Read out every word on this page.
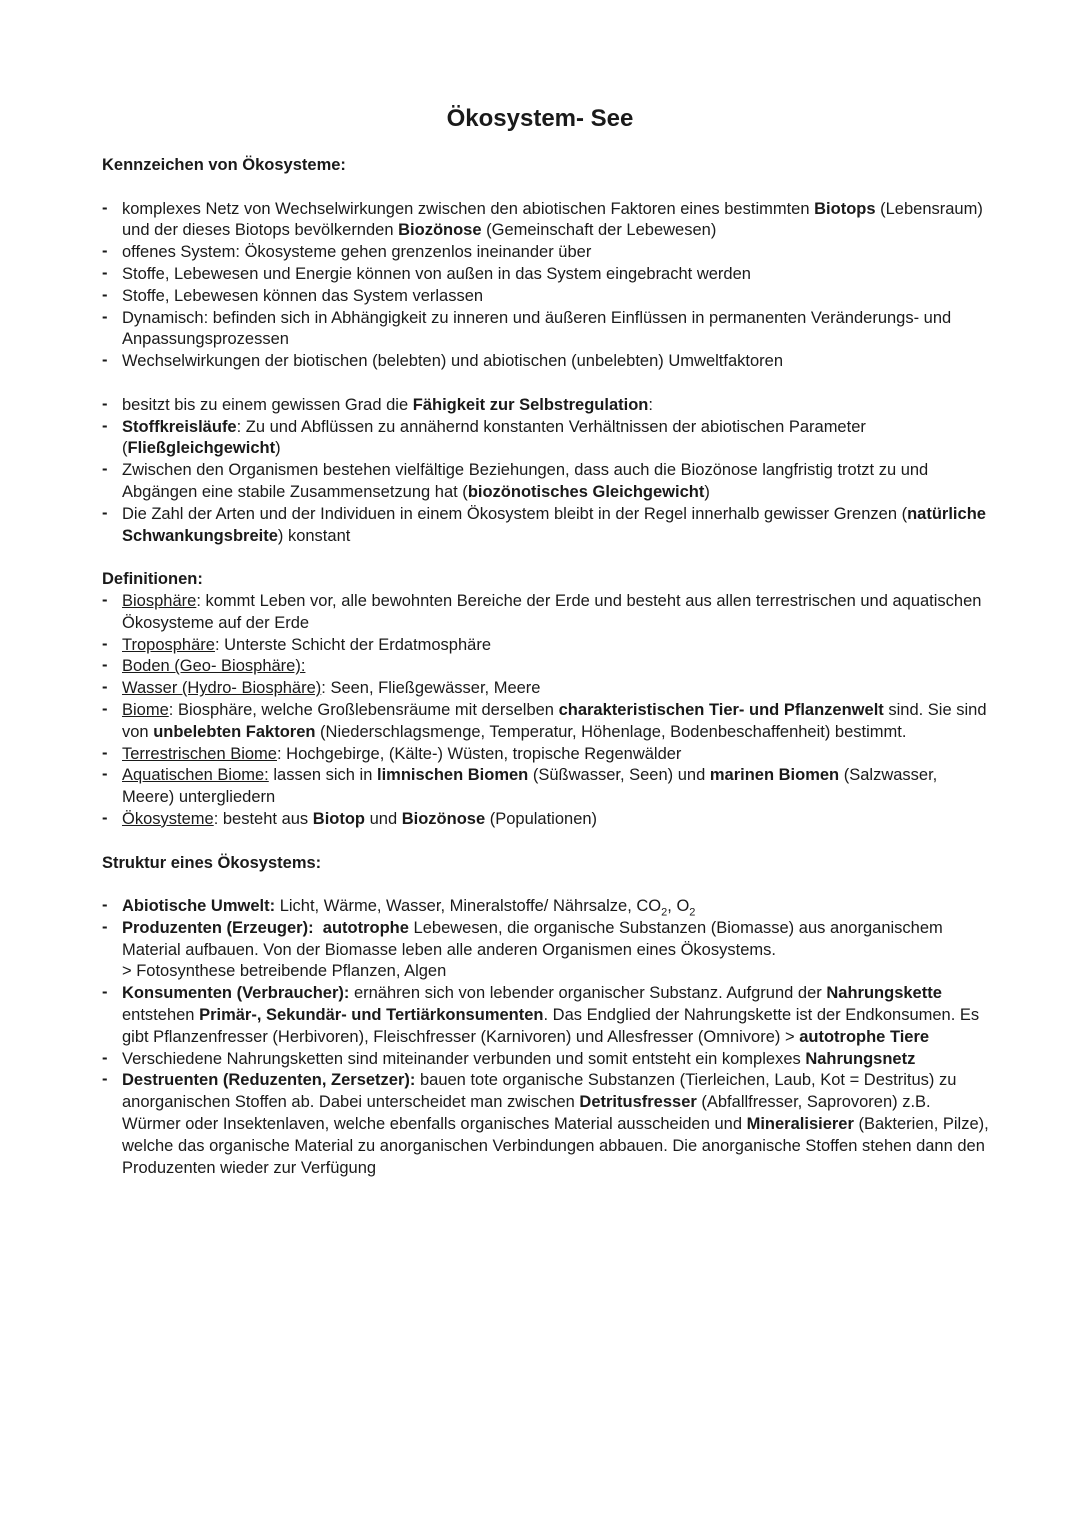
Ökosystem- See

Kennzeichen von Ökosysteme:

- komplexes Netz von Wechselwirkungen zwischen den abiotischen Faktoren eines bestimmten Biotops (Lebensraum) und der dieses Biotops bevölkernden Biozönose (Gemeinschaft der Lebewesen)
- offenes System: Ökosysteme gehen grenzenlos ineinander über
- Stoffe, Lebewesen und Energie können von außen in das System eingebracht werden
- Stoffe, Lebewesen können das System verlassen
- Dynamisch: befinden sich in Abhängigkeit zu inneren und äußeren Einflüssen in permanenten Veränderungs- und Anpassungsprozessen
- Wechselwirkungen der biotischen (belebten) und abiotischen (unbelebten) Umweltfaktoren
- besitzt bis zu einem gewissen Grad die Fähigkeit zur Selbstregulation:
- Stoffkreisläufe: Zu und Abflüssen zu annähernd konstanten Verhältnissen der abiotischen Parameter (Fließgleichgewicht)
- Zwischen den Organismen bestehen vielfältige Beziehungen, dass auch die Biozönose langfristig trotzt zu und Abgängen eine stabile Zusammensetzung hat (biozönotisches Gleichgewicht)
- Die Zahl der Arten und der Individuen in einem Ökosystem bleibt in der Regel innerhalb gewisser Grenzen (natürliche Schwankungsbreite) konstant

Definitionen:

- Biosphäre: kommt Leben vor, alle bewohnten Bereiche der Erde und besteht aus allen terrestrischen und aquatischen Ökosysteme auf der Erde
- Troposphäre: Unterste Schicht der Erdatmosphäre
- Boden (Geo- Biosphäre):
- Wasser (Hydro- Biosphäre): Seen, Fließgewässer, Meere
- Biome: Biosphäre, welche Großlebensräume mit derselben charakteristischen Tier- und Pflanzenwelt sind. Sie sind von unbelebten Faktoren (Niederschlagsmenge, Temperatur, Höhenlage, Bodenbeschaffenheit) bestimmt.
- Terrestrischen Biome: Hochgebirge, (Kälte-) Wüsten, tropische Regenwälder
- Aquatischen Biome: lassen sich in limnischen Biomen (Süßwasser, Seen) und marinen Biomen (Salzwasser, Meere) untergliedern
- Ökosysteme: besteht aus Biotop und Biozönose (Populationen)

Struktur eines Ökosystems:

- Abiotische Umwelt: Licht, Wärme, Wasser, Mineralstoffe/ Nährsalze, $CO_2$, $O_2$
- Produzenten (Erzeuger): autotrophe Lebewesen, die organische Substanzen (Biomasse) aus anorganischem Material aufbauen. Von der Biomasse leben alle anderen Organismen eines Ökosystems.
> Fotosynthese betreibende Pflanzen, Algen
- Konsumenten (Verbraucher): ernähren sich von lebender organischer Substanz. Aufgrund der Nahrungskette entstehen Primär-, Sekundär- und Tertiärkonsumenten. Das Endglied der Nahrungskette ist der Endkonsumen. Es gibt Pflanzenfresser (Herbivoren), Fleischfresser (Karnivoren) und Allesfresser (Omnivore) > autotrophe Tiere
- Verschiedene Nahrungsketten sind miteinander verbunden und somit entsteht ein komplexes Nahrungsnetz
- Destruenten (Reduzenten, Zersetzer): bauen tote organische Substanzen (Tierleichen, Laub, Kot = Destritus) zu anorganischen Stoffen ab. Dabei unterscheidet man zwischen Detritusfresser (Abfallfresser, Saprovoren) z.B. Würmer oder Insektenlaven, welche ebenfalls organisches Material ausscheiden und Mineralisierer (Bakterien, Pilze), welche das organische Material zu anorganischen Verbindungen abbauen. Die anorganische Stoffen stehen dann den Produzenten wieder zur Verfügung
